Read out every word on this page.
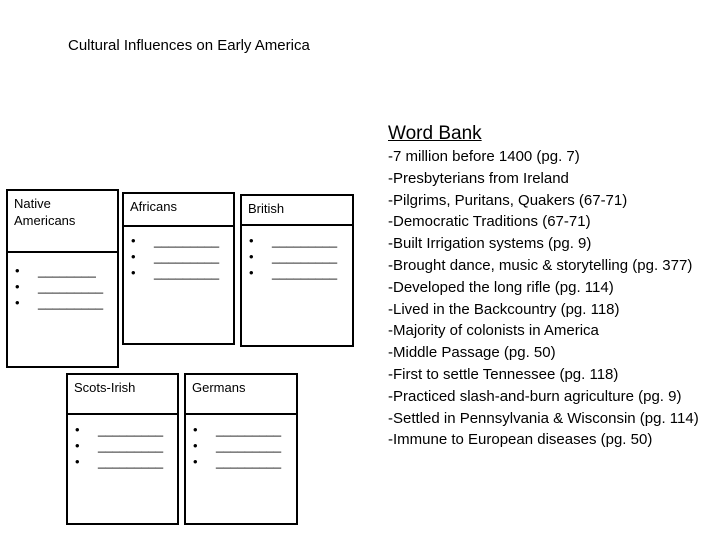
Cultural Influences on Early America
Native Americans
• ________
• _________
• _________
Africans
• _________
• _________
• _________
British
• _________
• _________
• _________
Scots-Irish
• _________
• _________
• _________
Germans
• _________
• _________
• _________
Word Bank
-7 million before 1400 (pg. 7)
-Presbyterians from Ireland
-Pilgrims, Puritans, Quakers (67-71)
-Democratic Traditions (67-71)
-Built Irrigation systems (pg. 9)
-Brought dance, music & storytelling (pg. 377)
-Developed the long rifle (pg. 114)
-Lived in the Backcountry (pg. 118)
-Majority of colonists in America
-Middle Passage (pg. 50)
-First to settle Tennessee (pg. 118)
-Practiced slash-and-burn agriculture (pg. 9)
-Settled in Pennsylvania & Wisconsin (pg. 114)
-Immune to European diseases (pg. 50)
